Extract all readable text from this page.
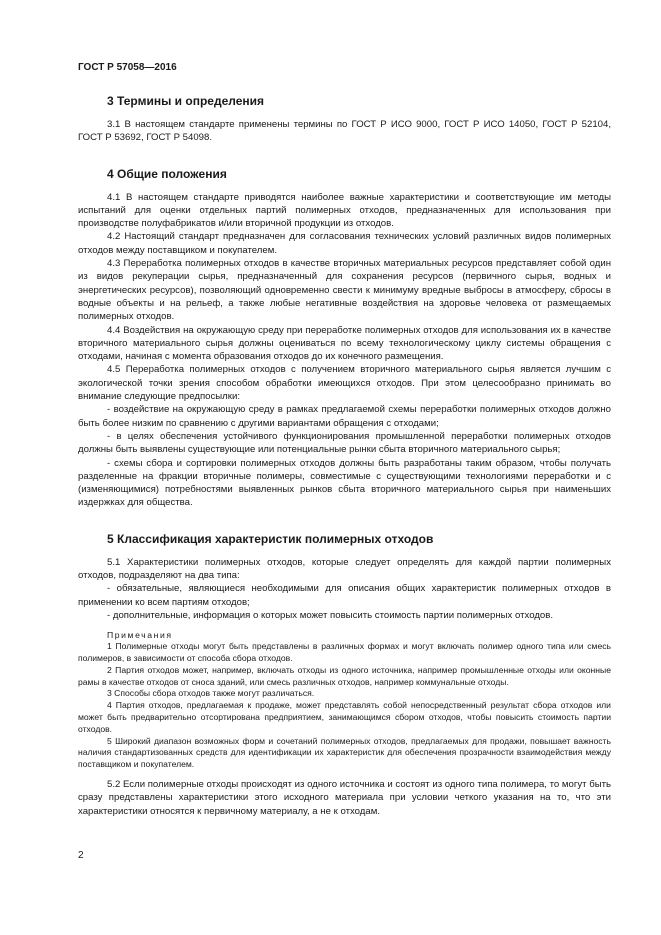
ГОСТ Р 57058—2016
3 Термины и определения

3.1 В настоящем стандарте применены термины по ГОСТ Р ИСО 9000, ГОСТ Р ИСО 14050, ГОСТ Р 52104, ГОСТ Р 53692, ГОСТ Р 54098.

4 Общие положения

4.1 В настоящем стандарте приводятся наиболее важные характеристики и соответствующие им методы испытаний для оценки отдельных партий полимерных отходов, предназначенных для использования при производстве полуфабрикатов и/или вторичной продукции из отходов.

4.2 Настоящий стандарт предназначен для согласования технических условий различных видов полимерных отходов между поставщиком и покупателем.

4.3 Переработка полимерных отходов в качестве вторичных материальных ресурсов представляет собой один из видов рекуперации сырья, предназначенный для сохранения ресурсов (первичного сырья, водных и энергетических ресурсов), позволяющий одновременно свести к минимуму вредные выбросы в атмосферу, сбросы в водные объекты и на рельеф, а также любые негативные воздействия на здоровье человека от размещаемых полимерных отходов.

4.4 Воздействия на окружающую среду при переработке полимерных отходов для использования их в качестве вторичного материального сырья должны оцениваться по всему технологическому циклу системы обращения с отходами, начиная с момента образования отходов до их конечного размещения.

4.5 Переработка полимерных отходов с получением вторичного материального сырья является лучшим с экологической точки зрения способом обработки имеющихся отходов. При этом целесообразно принимать во внимание следующие предпосылки:

- воздействие на окружающую среду в рамках предлагаемой схемы переработки полимерных отходов должно быть более низким по сравнению с другими вариантами обращения с отходами;

- в целях обеспечения устойчивого функционирования промышленной переработки полимерных отходов должны быть выявлены существующие или потенциальные рынки сбыта вторичного материального сырья;

- схемы сбора и сортировки полимерных отходов должны быть разработаны таким образом, чтобы получать разделенные на фракции вторичные полимеры, совместимые с существующими технологиями переработки и с (изменяющимися) потребностями выявленных рынков сбыта вторичного материального сырья при наименьших издержках для общества.

5 Классификация характеристик полимерных отходов

5.1 Характеристики полимерных отходов, которые следует определять для каждой партии полимерных отходов, подразделяют на два типа:

- обязательные, являющиеся необходимыми для описания общих характеристик полимерных отходов в применении ко всем партиям отходов;

- дополнительные, информация о которых может повысить стоимость партии полимерных отходов.

Примечания

1 Полимерные отходы могут быть представлены в различных формах и могут включать полимер одного типа или смесь полимеров, в зависимости от способа сбора отходов.

2 Партия отходов может, например, включать отходы из одного источника, например промышленные отходы или оконные рамы в качестве отходов от сноса зданий, или смесь различных отходов, например коммунальные отходы.

3 Способы сбора отходов также могут различаться.

4 Партия отходов, предлагаемая к продаже, может представлять собой непосредственный результат сбора отходов или может быть предварительно отсортирована предприятием, занимающимся сбором отходов, чтобы повысить стоимость партии отходов.

5 Широкий диапазон возможных форм и сочетаний полимерных отходов, предлагаемых для продажи, повышает важность наличия стандартизованных средств для идентификации их характеристик для обеспечения прозрачности взаимодействия между поставщиком и покупателем.

5.2 Если полимерные отходы происходят из одного источника и состоят из одного типа полимера, то могут быть сразу представлены характеристики этого исходного материала при условии четкого указания на то, что эти характеристики относятся к первичному материалу, а не к отходам.

2
